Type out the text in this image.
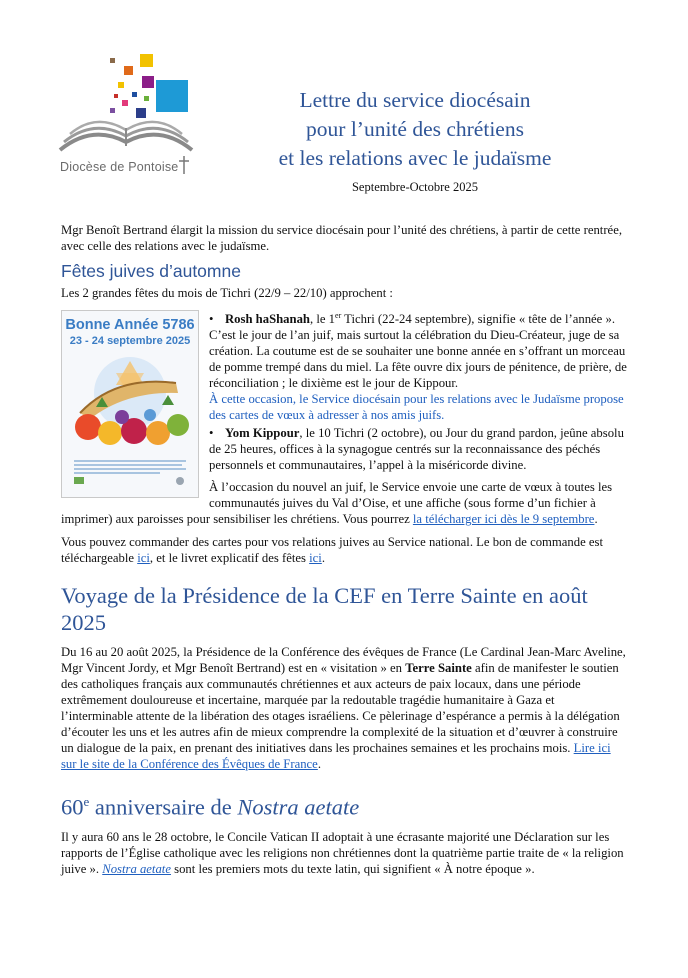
Diocèse de Pontoise
Lettre du service diocésain
pour l’unité des chrétiens
et les relations avec le judaïsme
Septembre-Octobre 2025

Mgr Benoît Bertrand élargit la mission du service diocésain pour l’unité des chrétiens, à partir de cette rentrée, avec celle des relations avec le judaïsme.

Fêtes juives d’automne

Les 2 grandes fêtes du mois de Tichri (22/9 – 22/10) approchent :

Bonne Année 5786
23 - 24 septembre 2025

• Rosh haShanah, le 1er Tichri (22-24 septembre), signifie « tête de l’année ». C’est le jour de l’an juif, mais surtout la célébration du Dieu-Créateur, juge de sa création. La coutume est de se souhaiter une bonne année en s’offrant un morceau de pomme trempé dans du miel. La fête ouvre dix jours de pénitence, de prière, de réconciliation ; le dixième est le jour de Kippour.
À cette occasion, le Service diocésain pour les relations avec le Judaïsme propose des cartes de vœux à adresser à nos amis juifs.

• Yom Kippour, le 10 Tichri (2 octobre), ou Jour du grand pardon, jeûne absolu de 25 heures, offices à la synagogue centrés sur la reconnaissance des péchés personnels et communautaires, l’appel à la miséricorde divine.

À l’occasion du nouvel an juif, le Service envoie une carte de vœux à toutes les communautés juives du Val d’Oise, et une affiche (sous forme d’un fichier à imprimer) aux paroisses pour sensibiliser les chrétiens. Vous pourrez la télécharger ici dès le 9 septembre.

Vous pouvez commander des cartes pour vos relations juives au Service national. Le bon de commande est téléchargeable ici, et le livret explicatif des fêtes ici.

Voyage de la Présidence de la CEF en Terre Sainte en août 2025

Du 16 au 20 août 2025, la Présidence de la Conférence des évêques de France (Le Cardinal Jean-Marc Aveline, Mgr Vincent Jordy, et Mgr Benoît Bertrand) est en « visitation » en Terre Sainte afin de manifester le soutien des catholiques français aux communautés chrétiennes et aux acteurs de paix locaux, dans une période extrêmement douloureuse et incertaine, marquée par la redoutable tragédie humanitaire à Gaza et l’interminable attente de la libération des otages israéliens. Ce pèlerinage d’espérance a permis à la délégation d’écouter les uns et les autres afin de mieux comprendre la complexité de la situation et d’œuvrer à construire un dialogue de la paix, en prenant des initiatives dans les prochaines semaines et les prochains mois. Lire ici sur le site de la Conférence des Évêques de France.

60e anniversaire de Nostra aetate

Il y aura 60 ans le 28 octobre, le Concile Vatican II adoptait à une écrasante majorité une Déclaration sur les rapports de l’Église catholique avec les religions non chrétiennes dont la quatrième partie traite de « la religion juive ». Nostra aetate sont les premiers mots du texte latin, qui signifient « À notre époque ».
